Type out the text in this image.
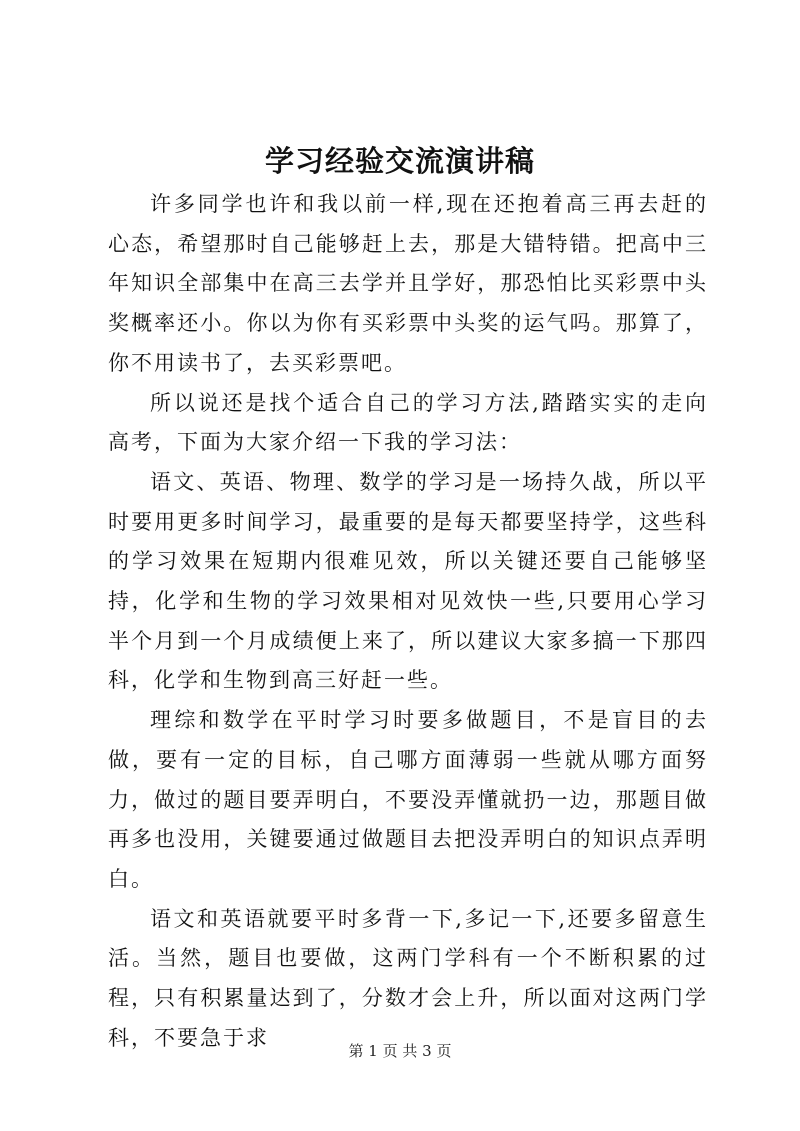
学习经验交流演讲稿

许多同学也许和我以前一样,现在还抱着高三再去赶的心态，希望那时自己能够赶上去，那是大错特错。把高中三年知识全部集中在高三去学并且学好，那恐怕比买彩票中头奖概率还小。你以为你有买彩票中头奖的运气吗。那算了，你不用读书了，去买彩票吧。

所以说还是找个适合自己的学习方法,踏踏实实的走向高考，下面为大家介绍一下我的学习法：

语文、英语、物理、数学的学习是一场持久战，所以平时要用更多时间学习，最重要的是每天都要坚持学，这些科的学习效果在短期内很难见效，所以关键还要自己能够坚持，化学和生物的学习效果相对见效快一些,只要用心学习半个月到一个月成绩便上来了，所以建议大家多搞一下那四科，化学和生物到高三好赶一些。

理综和数学在平时学习时要多做题目，不是盲目的去做，要有一定的目标，自己哪方面薄弱一些就从哪方面努力，做过的题目要弄明白，不要没弄懂就扔一边，那题目做再多也没用，关键要通过做题目去把没弄明白的知识点弄明白。

语文和英语就要平时多背一下,多记一下,还要多留意生活。当然，题目也要做，这两门学科有一个不断积累的过程，只有积累量达到了，分数才会上升，所以面对这两门学科，不要急于求

第 1 页 共 3 页
